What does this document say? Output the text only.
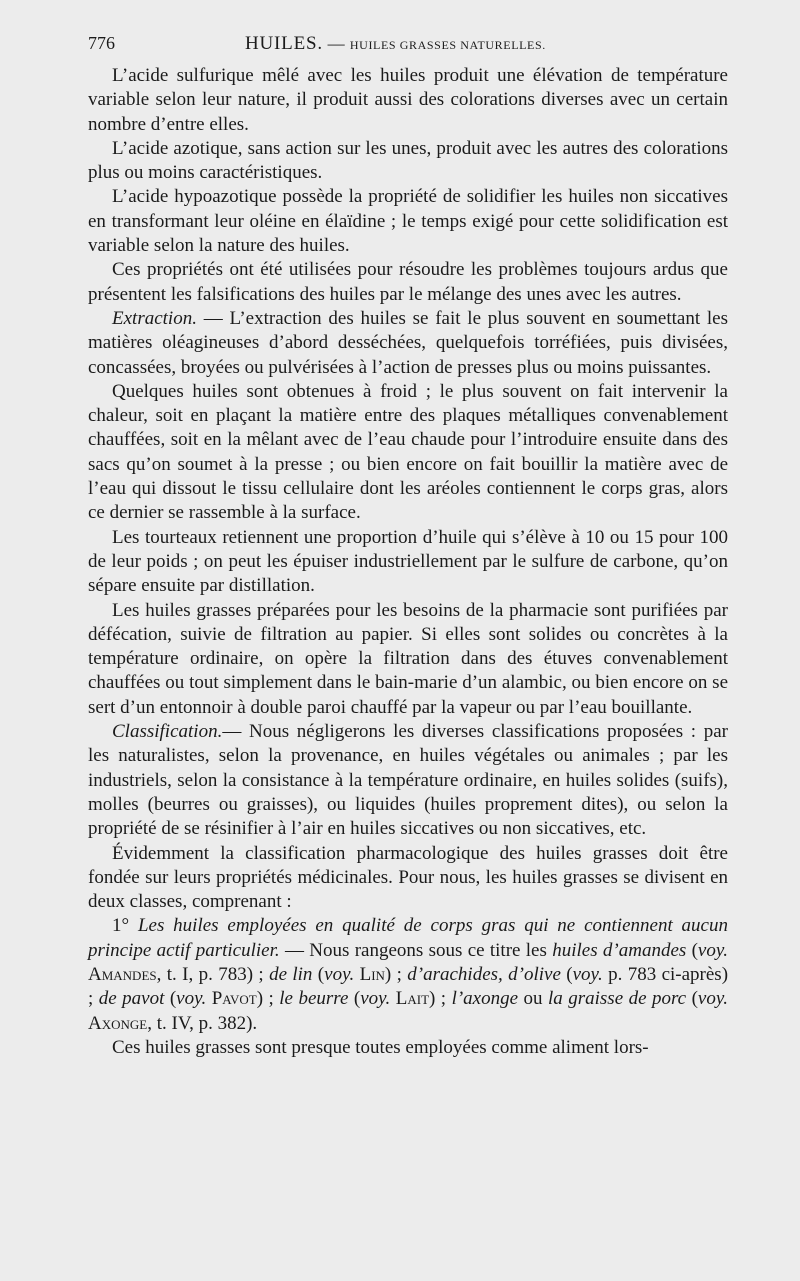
776	HUILES. — HUILES GRASSES NATURELLES.

L’acide sulfurique mêlé avec les huiles produit une élévation de température variable selon leur nature, il produit aussi des colorations diverses avec un certain nombre d’entre elles.

L’acide azotique, sans action sur les unes, produit avec les autres des colorations plus ou moins caractéristiques.

L’acide hypoazotique possède la propriété de solidifier les huiles non siccatives en transformant leur oléine en élaïdine ; le temps exigé pour cette solidification est variable selon la nature des huiles.

Ces propriétés ont été utilisées pour résoudre les problèmes toujours ardus que présentent les falsifications des huiles par le mélange des unes avec les autres.

Extraction. — L’extraction des huiles se fait le plus souvent en soumettant les matières oléagineuses d’abord desséchées, quelquefois torréfiées, puis divisées, concassées, broyées ou pulvérisées à l’action de presses plus ou moins puissantes.

Quelques huiles sont obtenues à froid ; le plus souvent on fait intervenir la chaleur, soit en plaçant la matière entre des plaques métalliques convenablement chauffées, soit en la mêlant avec de l’eau chaude pour l’introduire ensuite dans des sacs qu’on soumet à la presse ; ou bien encore on fait bouillir la matière avec de l’eau qui dissout le tissu cellulaire dont les aréoles contiennent le corps gras, alors ce dernier se rassemble à la surface.

Les tourteaux retiennent une proportion d’huile qui s’élève à 10 ou 15 pour 100 de leur poids ; on peut les épuiser industriellement par le sulfure de carbone, qu’on sépare ensuite par distillation.

Les huiles grasses préparées pour les besoins de la pharmacie sont purifiées par défécation, suivie de filtration au papier. Si elles sont solides ou concrètes à la température ordinaire, on opère la filtration dans des étuves convenablement chauffées ou tout simplement dans le bain-marie d’un alambic, ou bien encore on se sert d’un entonnoir à double paroi chauffé par la vapeur ou par l’eau bouillante.

Classification.— Nous négligerons les diverses classifications proposées : par les naturalistes, selon la provenance, en huiles végétales ou animales ; par les industriels, selon la consistance à la température ordinaire, en huiles solides (suifs), molles (beurres ou graisses), ou liquides (huiles proprement dites), ou selon la propriété de se résinifier à l’air en huiles siccatives ou non siccatives, etc.

Évidemment la classification pharmacologique des huiles grasses doit être fondée sur leurs propriétés médicinales. Pour nous, les huiles grasses se divisent en deux classes, comprenant :

1° Les huiles employées en qualité de corps gras qui ne contiennent aucun principe actif particulier. — Nous rangeons sous ce titre les huiles d’amandes (voy. Amandes, t. I, p. 783) ; de lin (voy. Lin) ; d’arachides, d’olive (voy. p. 783 ci-après) ; de pavot (voy. Pavot) ; le beurre (voy. Lait) ; l’axonge ou la graisse de porc (voy. Axonge, t. IV, p. 382).

Ces huiles grasses sont presque toutes employées comme aliment lors-
